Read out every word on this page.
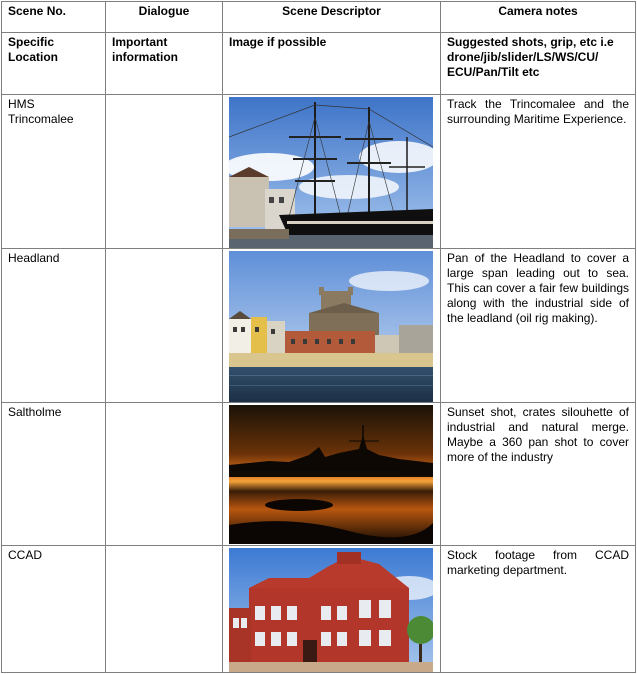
Scene No.	Dialogue	Scene Descriptor	Camera notes
Specific Location	Important information	Image if possible	Suggested shots, grip, etc i.e drone/jib/slider/LS/WS/CU/ ECU/Pan/Tilt etc
HMS Trincomalee			Track the Trincomalee and the surrounding Maritime Experience.
Headland			Pan of the Headland to cover a large span leading out to sea. This can cover a fair few buildings along with the industrial side of the leadland (oil rig making).
Saltholme			Sunset shot, crates silouhette of industrial and natural merge. Maybe a 360 pan shot to cover more of the industry
CCAD			Stock footage from CCAD marketing department.
